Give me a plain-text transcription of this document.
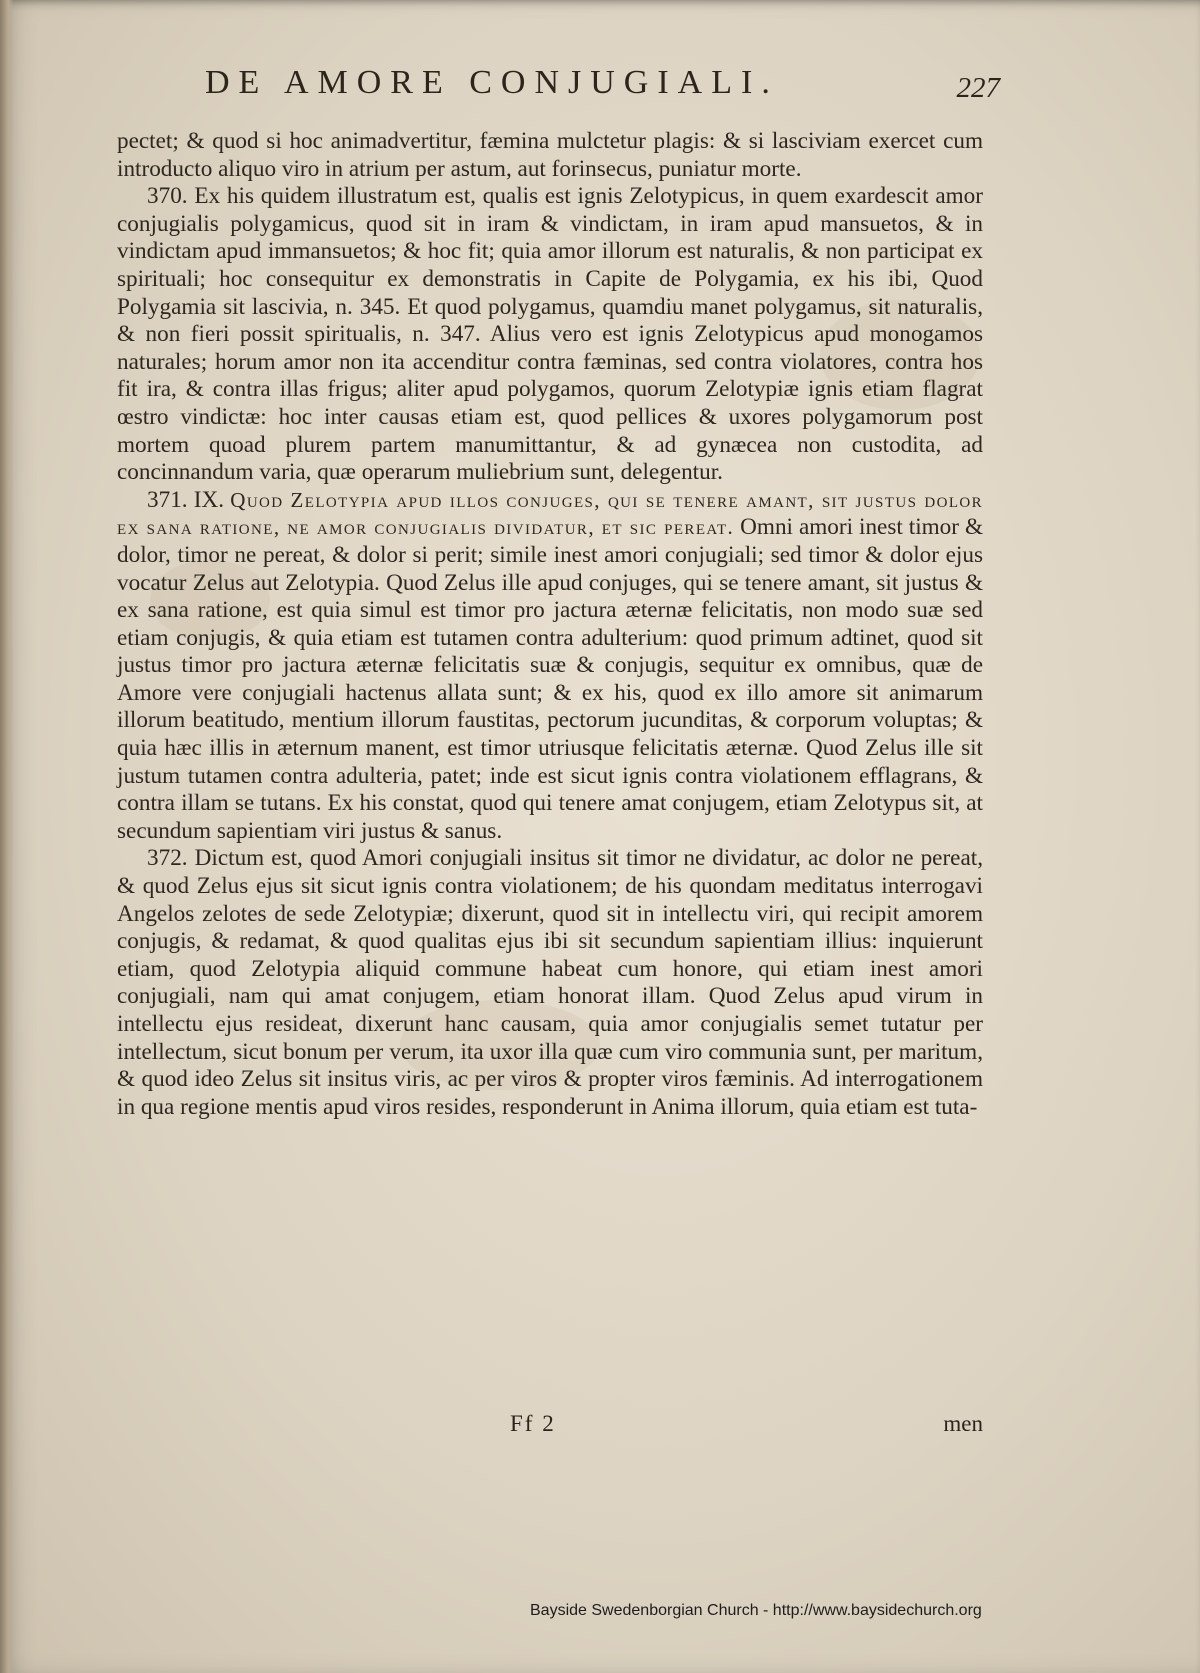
DE AMORE CONJUGIALI.	227

pectet; & quod si hoc animadvertitur, fæmina mulctetur plagis: & si lasciviam exercet cum introducto aliquo viro in atrium per astum, aut forinsecus, puniatur morte.

370. Ex his quidem illustratum est, qualis est ignis Zelotypicus, in quem exardescit amor conjugialis polygamicus, quod sit in iram & vindictam, in iram apud mansuetos, & in vindictam apud immansuetos; & hoc fit; quia amor illorum est naturalis, & non participat ex spirituali; hoc consequitur ex demonstratis in Capite de Polygamia, ex his ibi, Quod Polygamia sit lascivia, n. 345. Et quod polygamus, quamdiu manet polygamus, sit naturalis, & non fieri possit spiritualis, n. 347. Alius vero est ignis Zelotypicus apud monogamos naturales; horum amor non ita accenditur contra fæminas, sed contra violatores, contra hos fit ira, & contra illas frigus; aliter apud polygamos, quorum Zelotypiæ ignis etiam flagrat œstro vindictæ: hoc inter causas etiam est, quod pellices & uxores polygamorum post mortem quoad plurem partem manumittantur, & ad gynæcea non custodita, ad concinnandum varia, quæ operarum muliebrium sunt, delegentur.

371. IX. Quod Zelotypia apud illos conjuges, qui se tenere amant, sit justus dolor ex sana ratione, ne amor conjugialis dividatur, et sic pereat. Omni amori inest timor & dolor, timor ne pereat, & dolor si perit; simile inest amori conjugiali; sed timor & dolor ejus vocatur Zelus aut Zelotypia. Quod Zelus ille apud conjuges, qui se tenere amant, sit justus & ex sana ratione, est quia simul est timor pro jactura æternæ felicitatis, non modo suæ sed etiam conjugis, & quia etiam est tutamen contra adulterium: quod primum adtinet, quod sit justus timor pro jactura æternæ felicitatis suæ & conjugis, sequitur ex omnibus, quæ de Amore vere conjugiali hactenus allata sunt; & ex his, quod ex illo amore sit animarum illorum beatitudo, mentium illorum faustitas, pectorum jucunditas, & corporum voluptas; & quia hæc illis in æternum manent, est timor utriusque felicitatis æternæ. Quod Zelus ille sit justum tutamen contra adulteria, patet; inde est sicut ignis contra violationem efflagrans, & contra illam se tutans. Ex his constat, quod qui tenere amat conjugem, etiam Zelotypus sit, at secundum sapientiam viri justus & sanus.

372. Dictum est, quod Amori conjugiali insitus sit timor ne dividatur, ac dolor ne pereat, & quod Zelus ejus sit sicut ignis contra violationem; de his quondam meditatus interrogavi Angelos zelotes de sede Zelotypiæ; dixerunt, quod sit in intellectu viri, qui recipit amorem conjugis, & redamat, & quod qualitas ejus ibi sit secundum sapientiam illius: inquierunt etiam, quod Zelotypia aliquid commune habeat cum honore, qui etiam inest amori conjugiali, nam qui amat conjugem, etiam honorat illam. Quod Zelus apud virum in intellectu ejus resideat, dixerunt hanc causam, quia amor conjugialis semet tutatur per intellectum, sicut bonum per verum, ita uxor illa quæ cum viro communia sunt, per maritum, & quod ideo Zelus sit insitus viris, ac per viros & propter viros fæminis. Ad interrogationem in qua regione mentis apud viros resides, responderunt in Anima illorum, quia etiam est tuta-

Ff 2	men
Bayside Swedenborgian Church - http://www.baysidechurch.org
